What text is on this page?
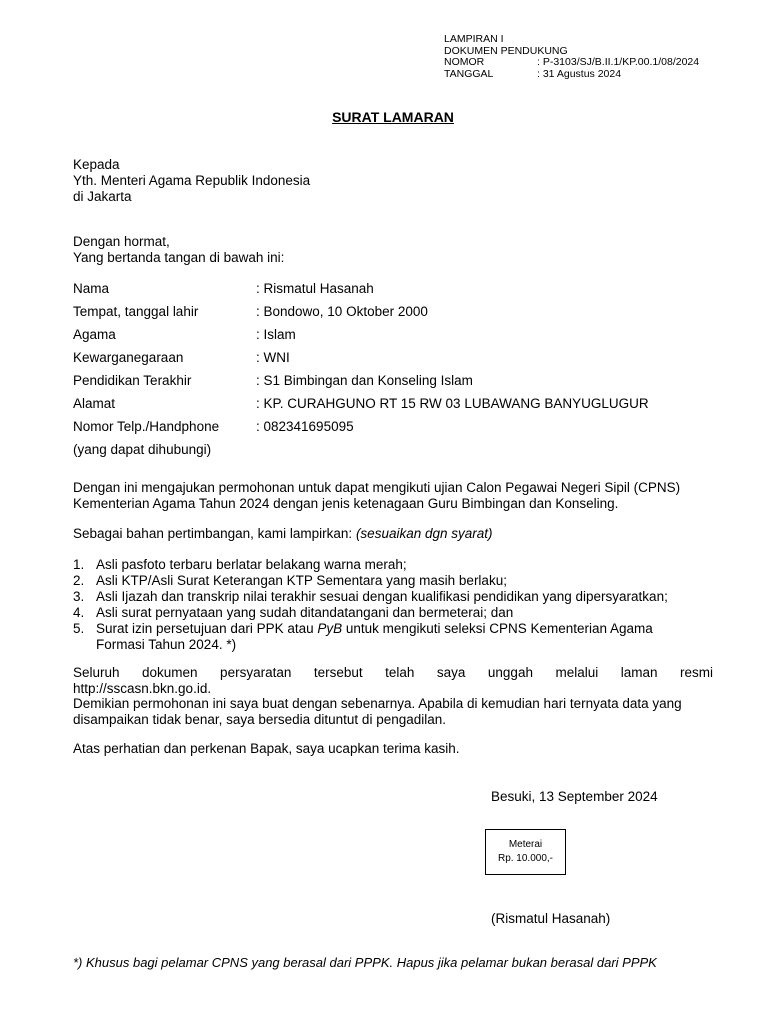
LAMPIRAN I
DOKUMEN PENDUKUNG
NOMOR	: P-3103/SJ/B.II.1/KP.00.1/08/2024
TANGGAL	: 31 Agustus 2024
SURAT LAMARAN
Kepada
Yth. Menteri Agama Republik Indonesia
di Jakarta
Dengan hormat,
Yang bertanda tangan di bawah ini:
Nama	: Rismatul Hasanah
Tempat, tanggal lahir	: Bondowo, 10 Oktober 2000
Agama	: Islam
Kewarganegaraan	: WNI
Pendidikan Terakhir	: S1 Bimbingan dan Konseling Islam
Alamat	: KP. CURAHGUNO RT 15 RW 03 LUBAWANG BANYUGLUGUR
Nomor Telp./Handphone	: 082341695095
(yang dapat dihubungi)
Dengan ini mengajukan permohonan untuk dapat mengikuti ujian Calon Pegawai Negeri Sipil (CPNS)
Kementerian Agama Tahun 2024 dengan jenis ketenagaan Guru Bimbingan dan Konseling.
Sebagai bahan pertimbangan, kami lampirkan: (sesuaikan dgn syarat)
1. Asli pasfoto terbaru berlatar belakang warna merah;
2. Asli KTP/Asli Surat Keterangan KTP Sementara yang masih berlaku;
3. Asli Ijazah dan transkrip nilai terakhir sesuai dengan kualifikasi pendidikan yang dipersyaratkan;
4. Asli surat pernyataan yang sudah ditandatangani dan bermeterai; dan
5. Surat izin persetujuan dari PPK atau PyB untuk mengikuti seleksi CPNS Kementerian Agama
Formasi Tahun 2024. *)
Seluruh dokumen persyaratan tersebut telah saya unggah melalui laman resmi
http://sscasn.bkn.go.id.
Demikian permohonan ini saya buat dengan sebenarnya. Apabila di kemudian hari ternyata data yang
disampaikan tidak benar, saya bersedia dituntut di pengadilan.
Atas perhatian dan perkenan Bapak, saya ucapkan terima kasih.
Besuki, 13 September 2024
Meterai
Rp. 10.000,-
(Rismatul Hasanah)
*) Khusus bagi pelamar CPNS yang berasal dari PPPK. Hapus jika pelamar bukan berasal dari PPPK
